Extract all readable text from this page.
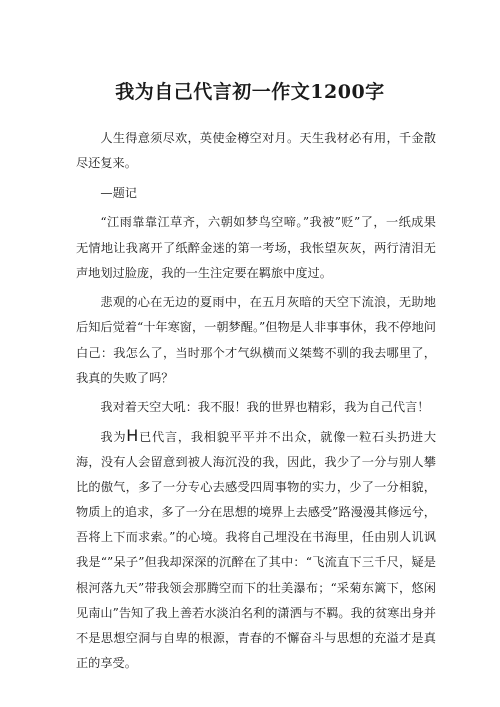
我为自己代言初一作文1200字

人生得意须尽欢，英使金樽空对月。天生我材必有用，千金散尽还复来。

—题记

“江雨靠靠江草齐，六朝如梦鸟空啼。”我被”贬”了，一纸成果无情地让我离开了纸醉金迷的第一考场，我怅望灰灰，两行清泪无声地划过脸庞，我的一生注定要在羁旅中度过。

悲观的心在无边的夏雨中，在五月灰暗的天空下流浪，无助地后知后觉着“十年寒窗，一朝梦醒。”但物是人非事事休，我不停地问白己：我怎么了，当时那个才气纵横而义桀骜不驯的我去哪里了，我真的失败了吗？

我对着天空大吼：我不服！我的世界也精彩，我为自己代言！

我为H已代言，我相貌平平并不出众，就像一粒石头扔进大海，没有人会留意到被人海沉没的我，因此，我少了一分与别人攀比的傲气，多了一分专心去感受四周事物的实力，少了一分相貌，物质上的追求，多了一分在思想的境界上去感受”路漫漫其修远兮，吾将上下而求索。”的心境。我将自己埋没在书海里，任由别人讥讽我是“”呆子”但我却深深的沉醉在了其中：“飞流直下三千尺，疑是根河落九天”带我领会那腾空而下的壮美瀑布；“采菊东篱下，悠闲见南山”告知了我上善若水淡泊名利的潇洒与不羁。我的贫寒出身并不是思想空洞与自卑的根源，青春的不懈奋斗与思想的充溢才是真正的享受。
